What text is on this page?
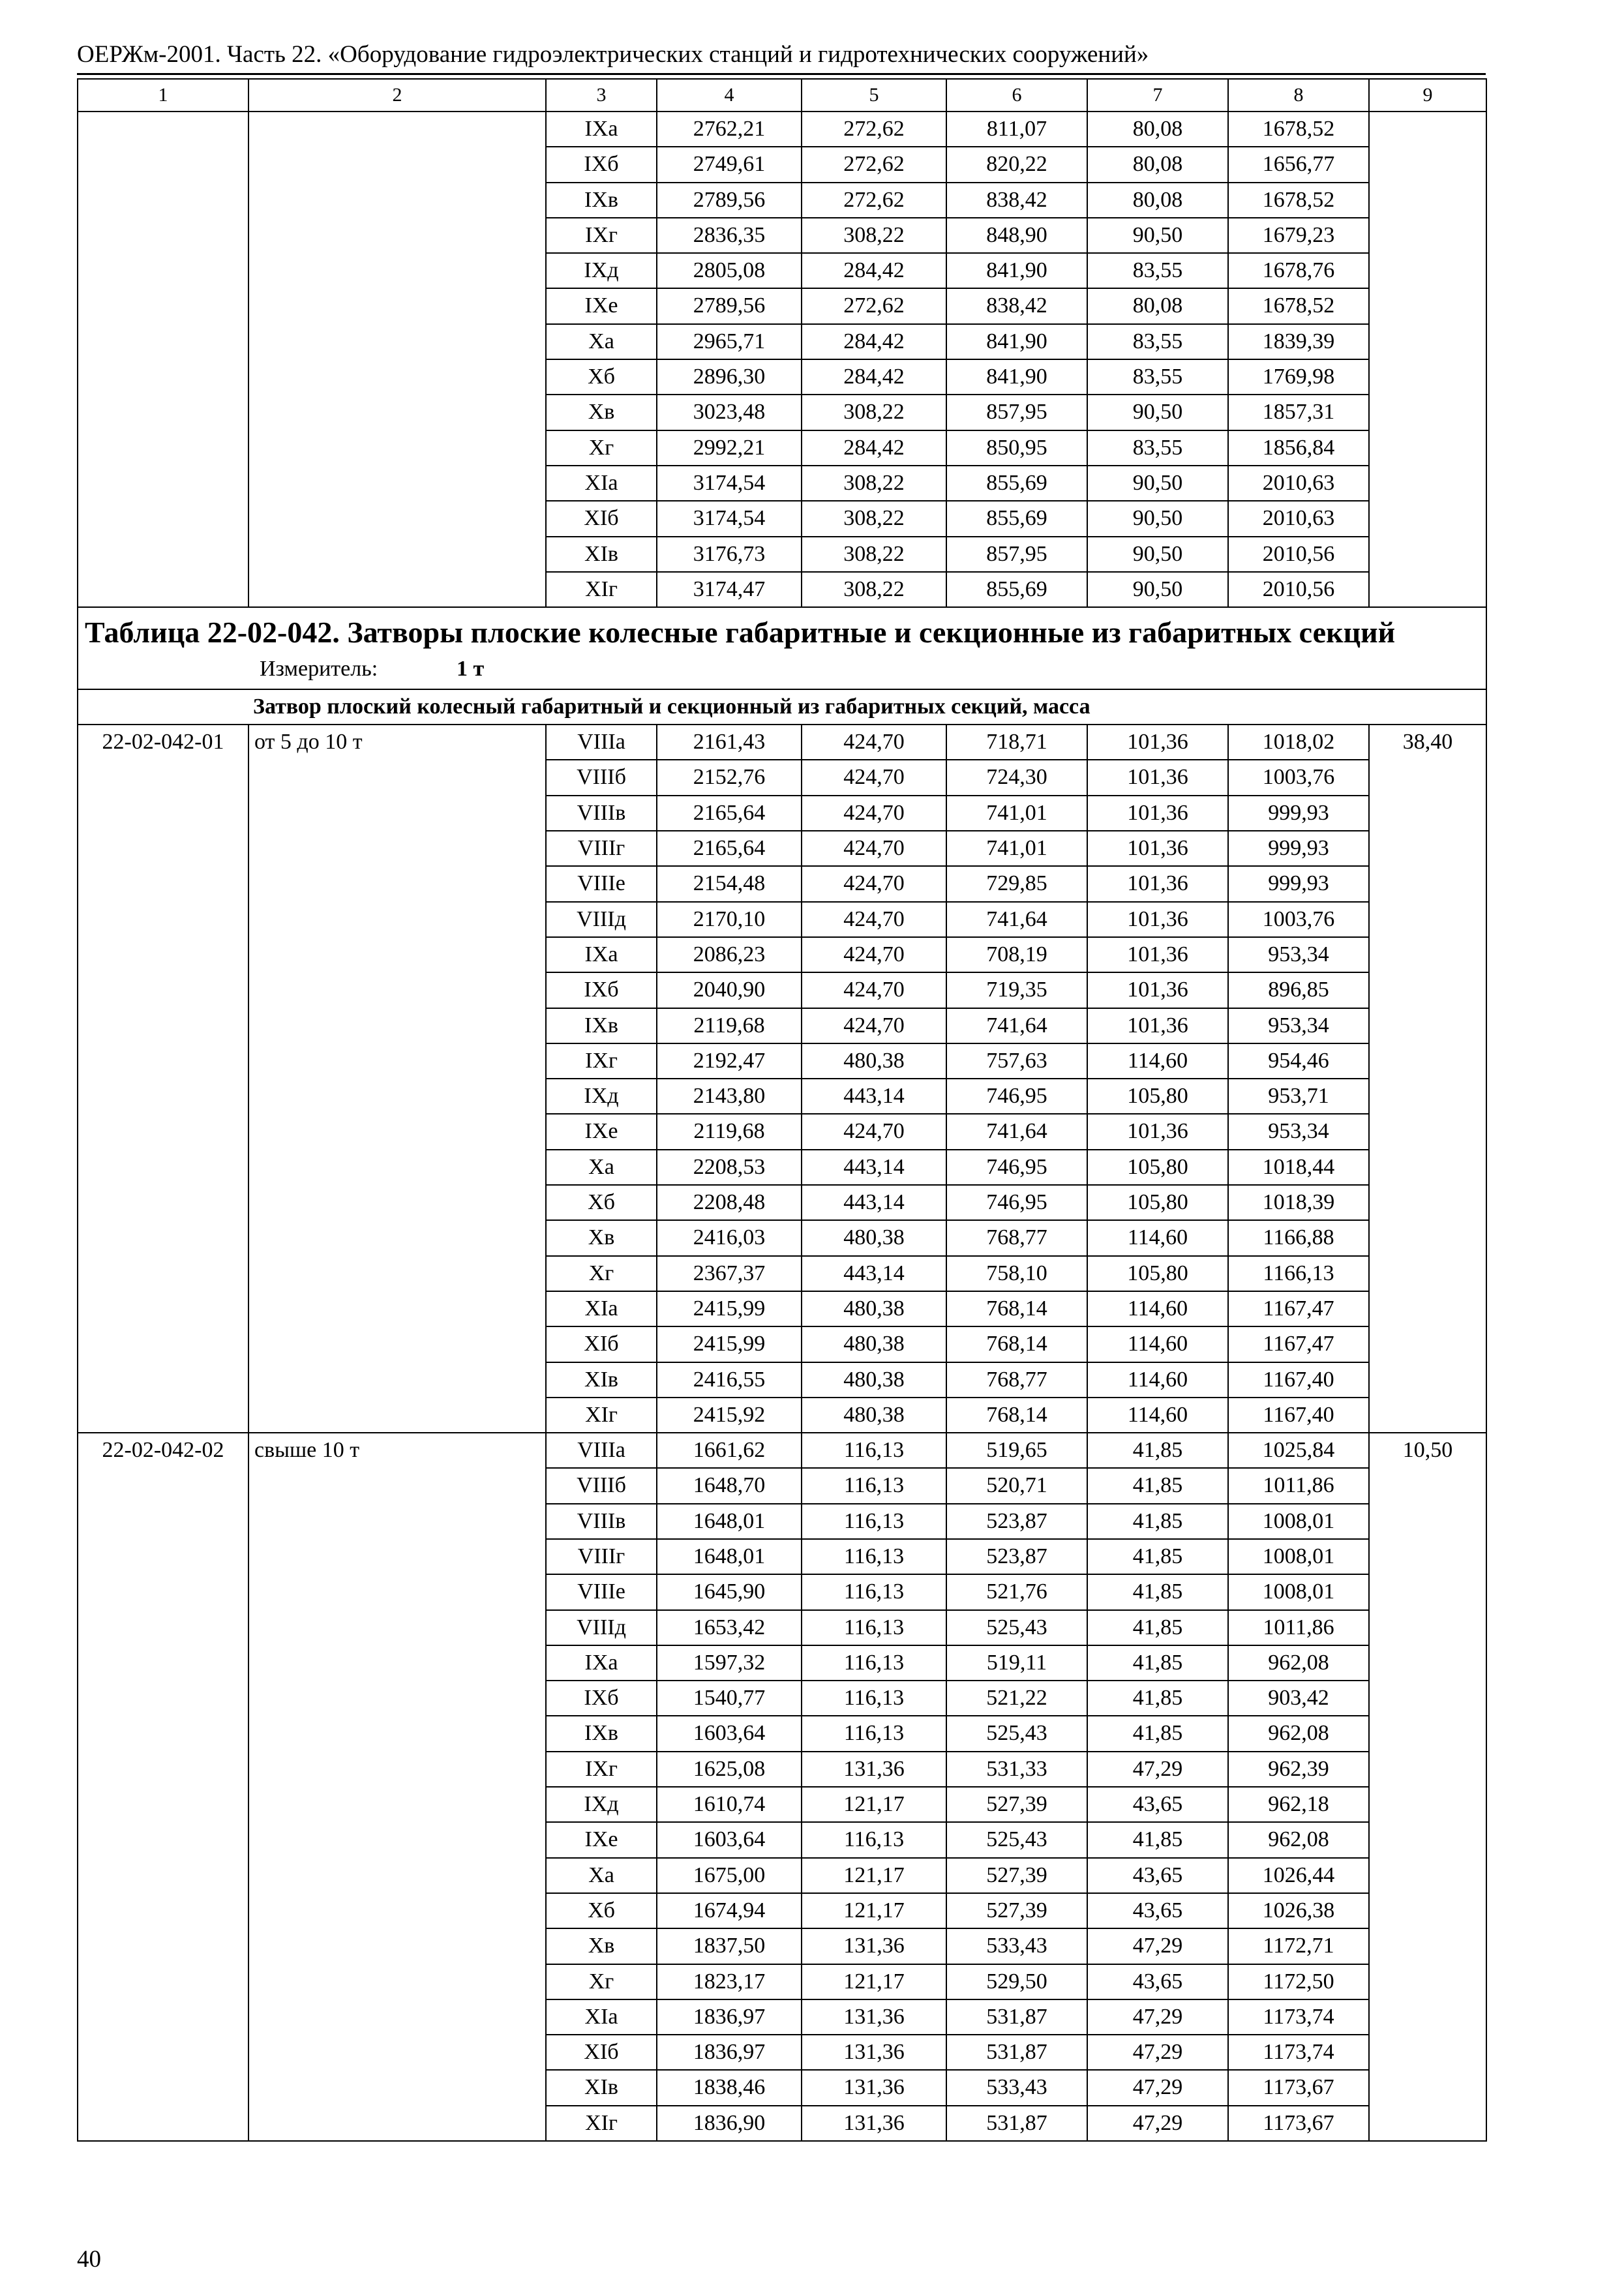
ОЕРЖм-2001. Часть 22. «Оборудование гидроэлектрических станций и гидротехнических сооружений»
1	2	3	4	5	6	7	8	9
		IXа	2762,21	272,62	811,07	80,08	1678,52	
		IXб	2749,61	272,62	820,22	80,08	1656,77	
		IXв	2789,56	272,62	838,42	80,08	1678,52	
		IXг	2836,35	308,22	848,90	90,50	1679,23	
		IXд	2805,08	284,42	841,90	83,55	1678,76	
		IXе	2789,56	272,62	838,42	80,08	1678,52	
		Xа	2965,71	284,42	841,90	83,55	1839,39	
		Xб	2896,30	284,42	841,90	83,55	1769,98	
		Xв	3023,48	308,22	857,95	90,50	1857,31	
		Xг	2992,21	284,42	850,95	83,55	1856,84	
		XIа	3174,54	308,22	855,69	90,50	2010,63	
		XIб	3174,54	308,22	855,69	90,50	2010,63	
		XIв	3176,73	308,22	857,95	90,50	2010,56	
		XIг	3174,47	308,22	855,69	90,50	2010,56	

Таблица 22-02-042. Затворы плоские колесные габаритные и секционные из габаритных секций
Измеритель: 1 т								

Затвор плоский колесный габаритный и секционный из габаритных секций, масса								
22-02-042-01	от 5 до 10 т	VIIIа	2161,43	424,70	718,71	101,36	1018,02	38,40
		VIIIб	2152,76	424,70	724,30	101,36	1003,76	
		VIIIв	2165,64	424,70	741,01	101,36	999,93	
		VIIIг	2165,64	424,70	741,01	101,36	999,93	
		VIIIе	2154,48	424,70	729,85	101,36	999,93	
		VIIIд	2170,10	424,70	741,64	101,36	1003,76	
		IXа	2086,23	424,70	708,19	101,36	953,34	
		IXб	2040,90	424,70	719,35	101,36	896,85	
		IXв	2119,68	424,70	741,64	101,36	953,34	
		IXг	2192,47	480,38	757,63	114,60	954,46	
		IXд	2143,80	443,14	746,95	105,80	953,71	
		IXе	2119,68	424,70	741,64	101,36	953,34	
		Xа	2208,53	443,14	746,95	105,80	1018,44	
		Xб	2208,48	443,14	746,95	105,80	1018,39	
		Xв	2416,03	480,38	768,77	114,60	1166,88	
		Xг	2367,37	443,14	758,10	105,80	1166,13	
		XIа	2415,99	480,38	768,14	114,60	1167,47	
		XIб	2415,99	480,38	768,14	114,60	1167,47	
		XIв	2416,55	480,38	768,77	114,60	1167,40	
		XIг	2415,92	480,38	768,14	114,60	1167,40	
22-02-042-02	свыше 10 т	VIIIа	1661,62	116,13	519,65	41,85	1025,84	10,50
		VIIIб	1648,70	116,13	520,71	41,85	1011,86	
		VIIIв	1648,01	116,13	523,87	41,85	1008,01	
		VIIIг	1648,01	116,13	523,87	41,85	1008,01	
		VIIIе	1645,90	116,13	521,76	41,85	1008,01	
		VIIIд	1653,42	116,13	525,43	41,85	1011,86	
		IXа	1597,32	116,13	519,11	41,85	962,08	
		IXб	1540,77	116,13	521,22	41,85	903,42	
		IXв	1603,64	116,13	525,43	41,85	962,08	
		IXг	1625,08	131,36	531,33	47,29	962,39	
		IXд	1610,74	121,17	527,39	43,65	962,18	
		IXе	1603,64	116,13	525,43	41,85	962,08	
		Xа	1675,00	121,17	527,39	43,65	1026,44	
		Xб	1674,94	121,17	527,39	43,65	1026,38	
		Xв	1837,50	131,36	533,43	47,29	1172,71	
		Xг	1823,17	121,17	529,50	43,65	1172,50	
		XIа	1836,97	131,36	531,87	47,29	1173,74	
		XIб	1836,97	131,36	531,87	47,29	1173,74	
		XIв	1838,46	131,36	533,43	47,29	1173,67	
		XIг	1836,90	131,36	531,87	47,29	1173,67	
40
